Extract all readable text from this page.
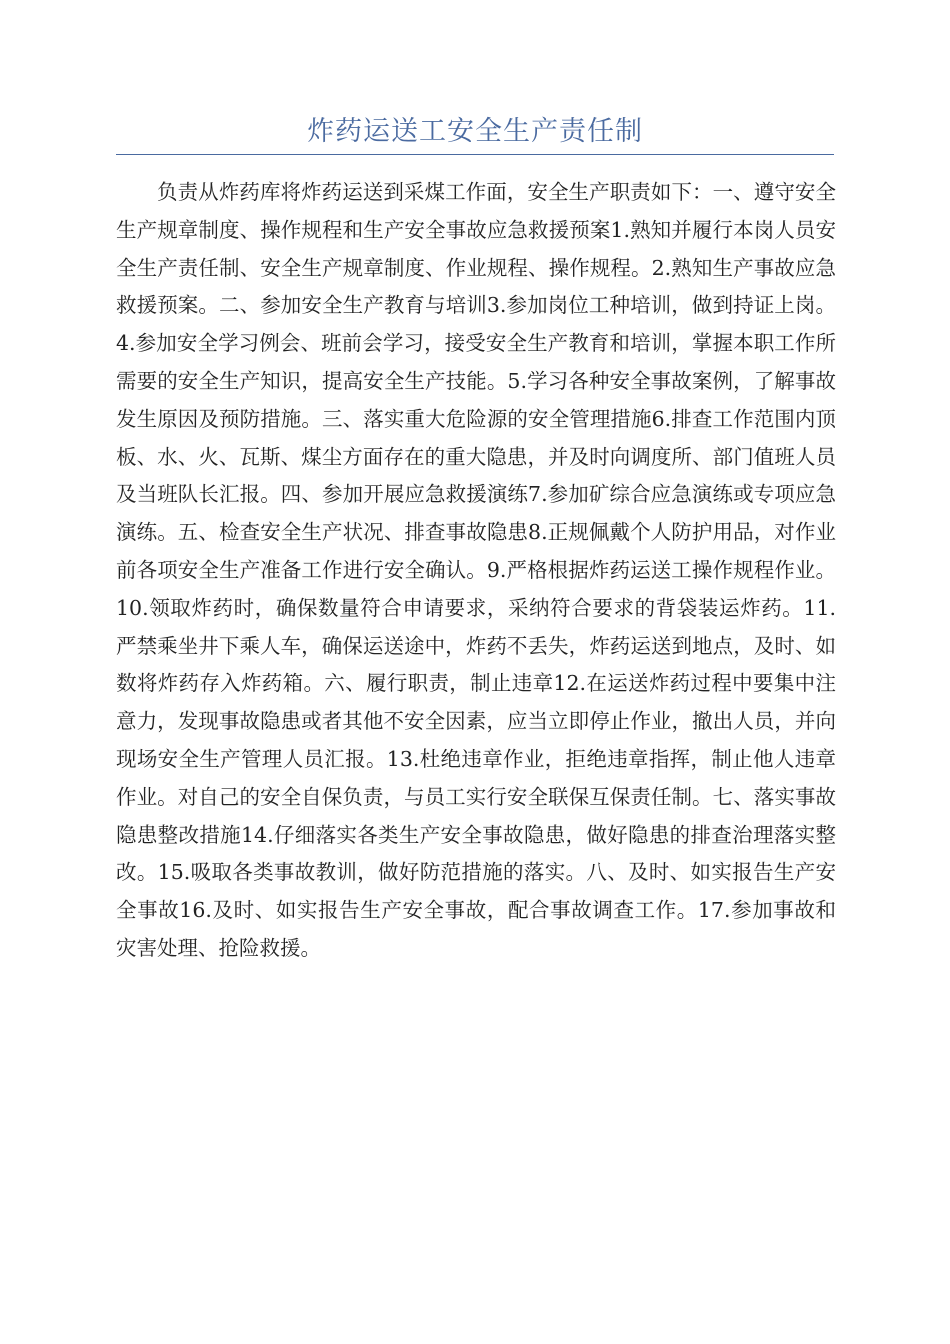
炸药运送工安全生产责任制

负责从炸药库将炸药运送到采煤工作面，安全生产职责如下：一、遵守安全生产规章制度、操作规程和生产安全事故应急救援预案1.熟知并履行本岗人员安全生产责任制、安全生产规章制度、作业规程、操作规程。2.熟知生产事故应急救援预案。二、参加安全生产教育与培训3.参加岗位工种培训，做到持证上岗。4.参加安全学习例会、班前会学习，接受安全生产教育和培训，掌握本职工作所需要的安全生产知识，提高安全生产技能。5.学习各种安全事故案例，了解事故发生原因及预防措施。三、落实重大危险源的安全管理措施6.排查工作范围内顶板、水、火、瓦斯、煤尘方面存在的重大隐患，并及时向调度所、部门值班人员及当班队长汇报。四、参加开展应急救援演练7.参加矿综合应急演练或专项应急演练。五、检查安全生产状况、排查事故隐患8.正规佩戴个人防护用品，对作业前各项安全生产准备工作进行安全确认。9.严格根据炸药运送工操作规程作业。10.领取炸药时，确保数量符合申请要求，采纳符合要求的背袋装运炸药。11.严禁乘坐井下乘人车，确保运送途中，炸药不丢失，炸药运送到地点，及时、如数将炸药存入炸药箱。六、履行职责，制止违章12.在运送炸药过程中要集中注意力，发现事故隐患或者其他不安全因素，应当立即停止作业，撤出人员，并向现场安全生产管理人员汇报。13.杜绝违章作业，拒绝违章指挥，制止他人违章作业。对自己的安全自保负责，与员工实行安全联保互保责任制。七、落实事故隐患整改措施14.仔细落实各类生产安全事故隐患，做好隐患的排查治理落实整改。15.吸取各类事故教训，做好防范措施的落实。八、及时、如实报告生产安全事故16.及时、如实报告生产安全事故，配合事故调查工作。17.参加事故和灾害处理、抢险救援。
